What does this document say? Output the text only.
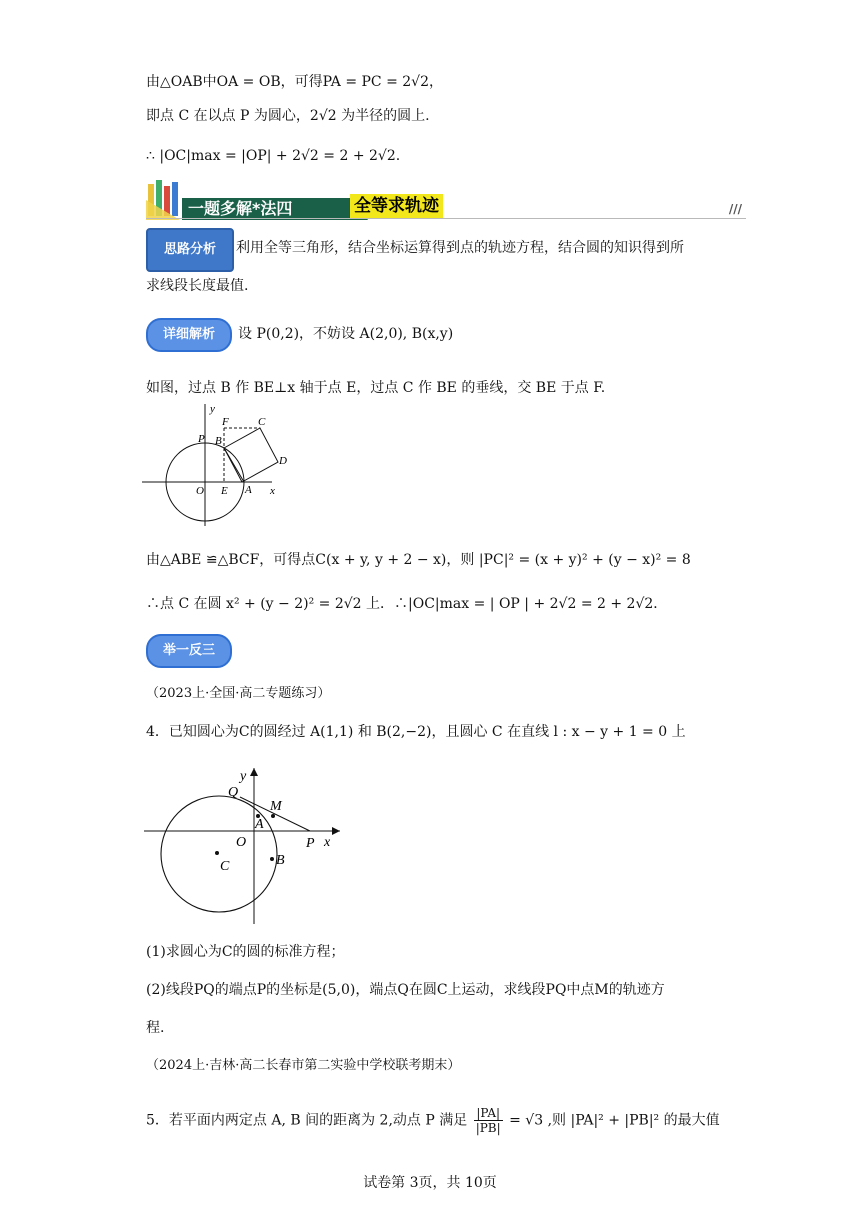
由△OAB中OA = OB，可得PA = PC = 2√2，
即点 C 在以点 P 为圆心，2√2 为半径的圆上.
∴ |OC|max = |OP| + 2√2 = 2 + 2√2.
一题多解*法四	全等求轨迹	///
思路分析	利用全等三角形，结合坐标运算得到点的轨迹方程，结合圆的知识得到所
求线段长度最值.
详细解析	设 P(0,2)，不妨设 A(2,0), B(x,y)
如图，过点 B 作 BE⊥x 轴于点 E，过点 C 作 BE 的垂线，交 BE 于点 F.
y
x
O E A
P B
F	C
D
由△ABE ≌△BCF，可得点C(x + y, y + 2 − x)，则 |PC|² = (x + y)² + (y − x)² = 8
∴点 C 在圆 x² + (y − 2)² = 2√2 上．∴|OC|max = | OP | + 2√2 = 2 + 2√2．
举一反三
（2023上·全国·高二专题练习）
4．已知圆心为C的圆经过 A(1,1) 和 B(2,−2)，且圆心 C 在直线 l : x − y + 1 = 0 上
y
x
O
Q
M
A
P
B
C
(1)求圆心为C的圆的标准方程；
(2)线段PQ的端点P的坐标是(5,0)，端点Q在圆C上运动，求线段PQ中点M的轨迹方
程.
（2024上·吉林·高二长春市第二实验中学校联考期末）
5．若平面内两定点 A, B 间的距离为 2,动点 P 满足 $\frac{|PA|}{|PB|} = √3$ ,则 |PA|² + |PB|² 的最大值
试卷第 3页，共 10页
